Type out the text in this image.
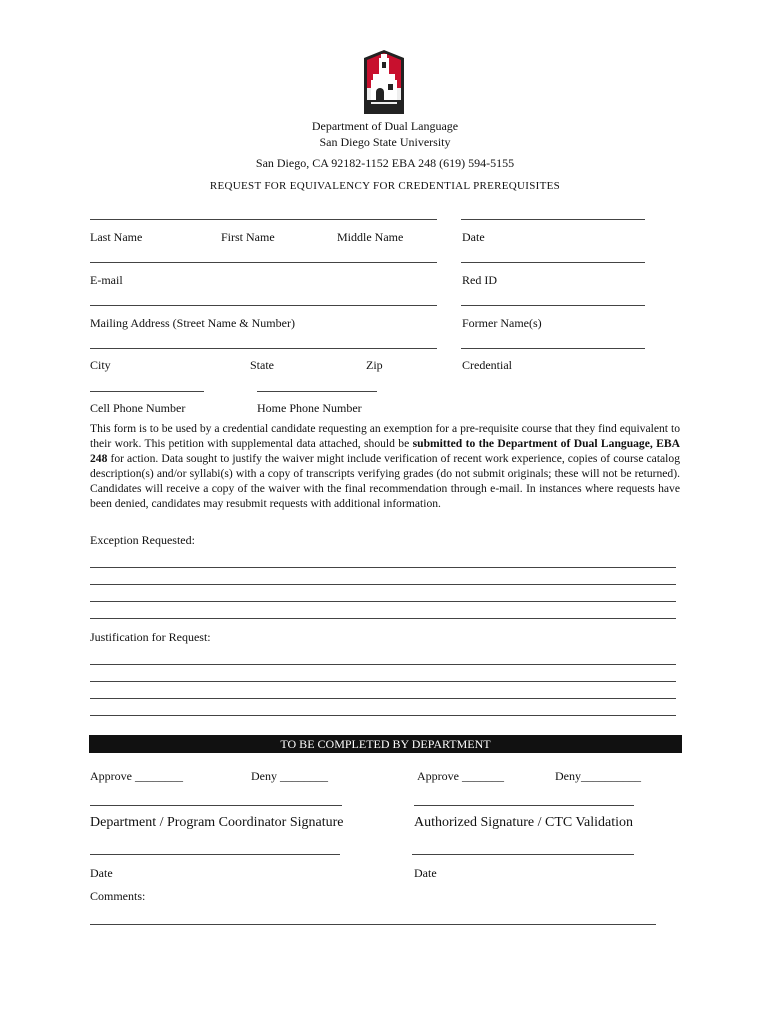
Department of Dual Language
San Diego State University
San Diego, CA 92182-1152 EBA 248 (619) 594-5155
REQUEST FOR EQUIVALENCY FOR CREDENTIAL PREREQUISITES
Last Name	First Name	Middle Name	Date
E-mail	Red ID
Mailing Address (Street Name & Number)	Former Name(s)
City	State	Zip	Credential
Cell Phone Number	Home Phone Number
This form is to be used by a credential candidate requesting an exemption for a pre-requisite course that they find equivalent to their work. This petition with supplemental data attached, should be submitted to the Department of Dual Language, EBA 248 for action. Data sought to justify the waiver might include verification of recent work experience, copies of course catalog description(s) and/or syllabi(s) with a copy of transcripts verifying grades (do not submit originals; these will not be returned). Candidates will receive a copy of the waiver with the final recommendation through e-mail. In instances where requests have been denied, candidates may resubmit requests with additional information.
Exception Requested:
Justification for Request:
TO BE COMPLETED BY DEPARTMENT
Approve ________	Deny ________	Approve _______	Deny__________
Department / Program Coordinator Signature	Authorized Signature / CTC Validation
Date	Date
Comments:
